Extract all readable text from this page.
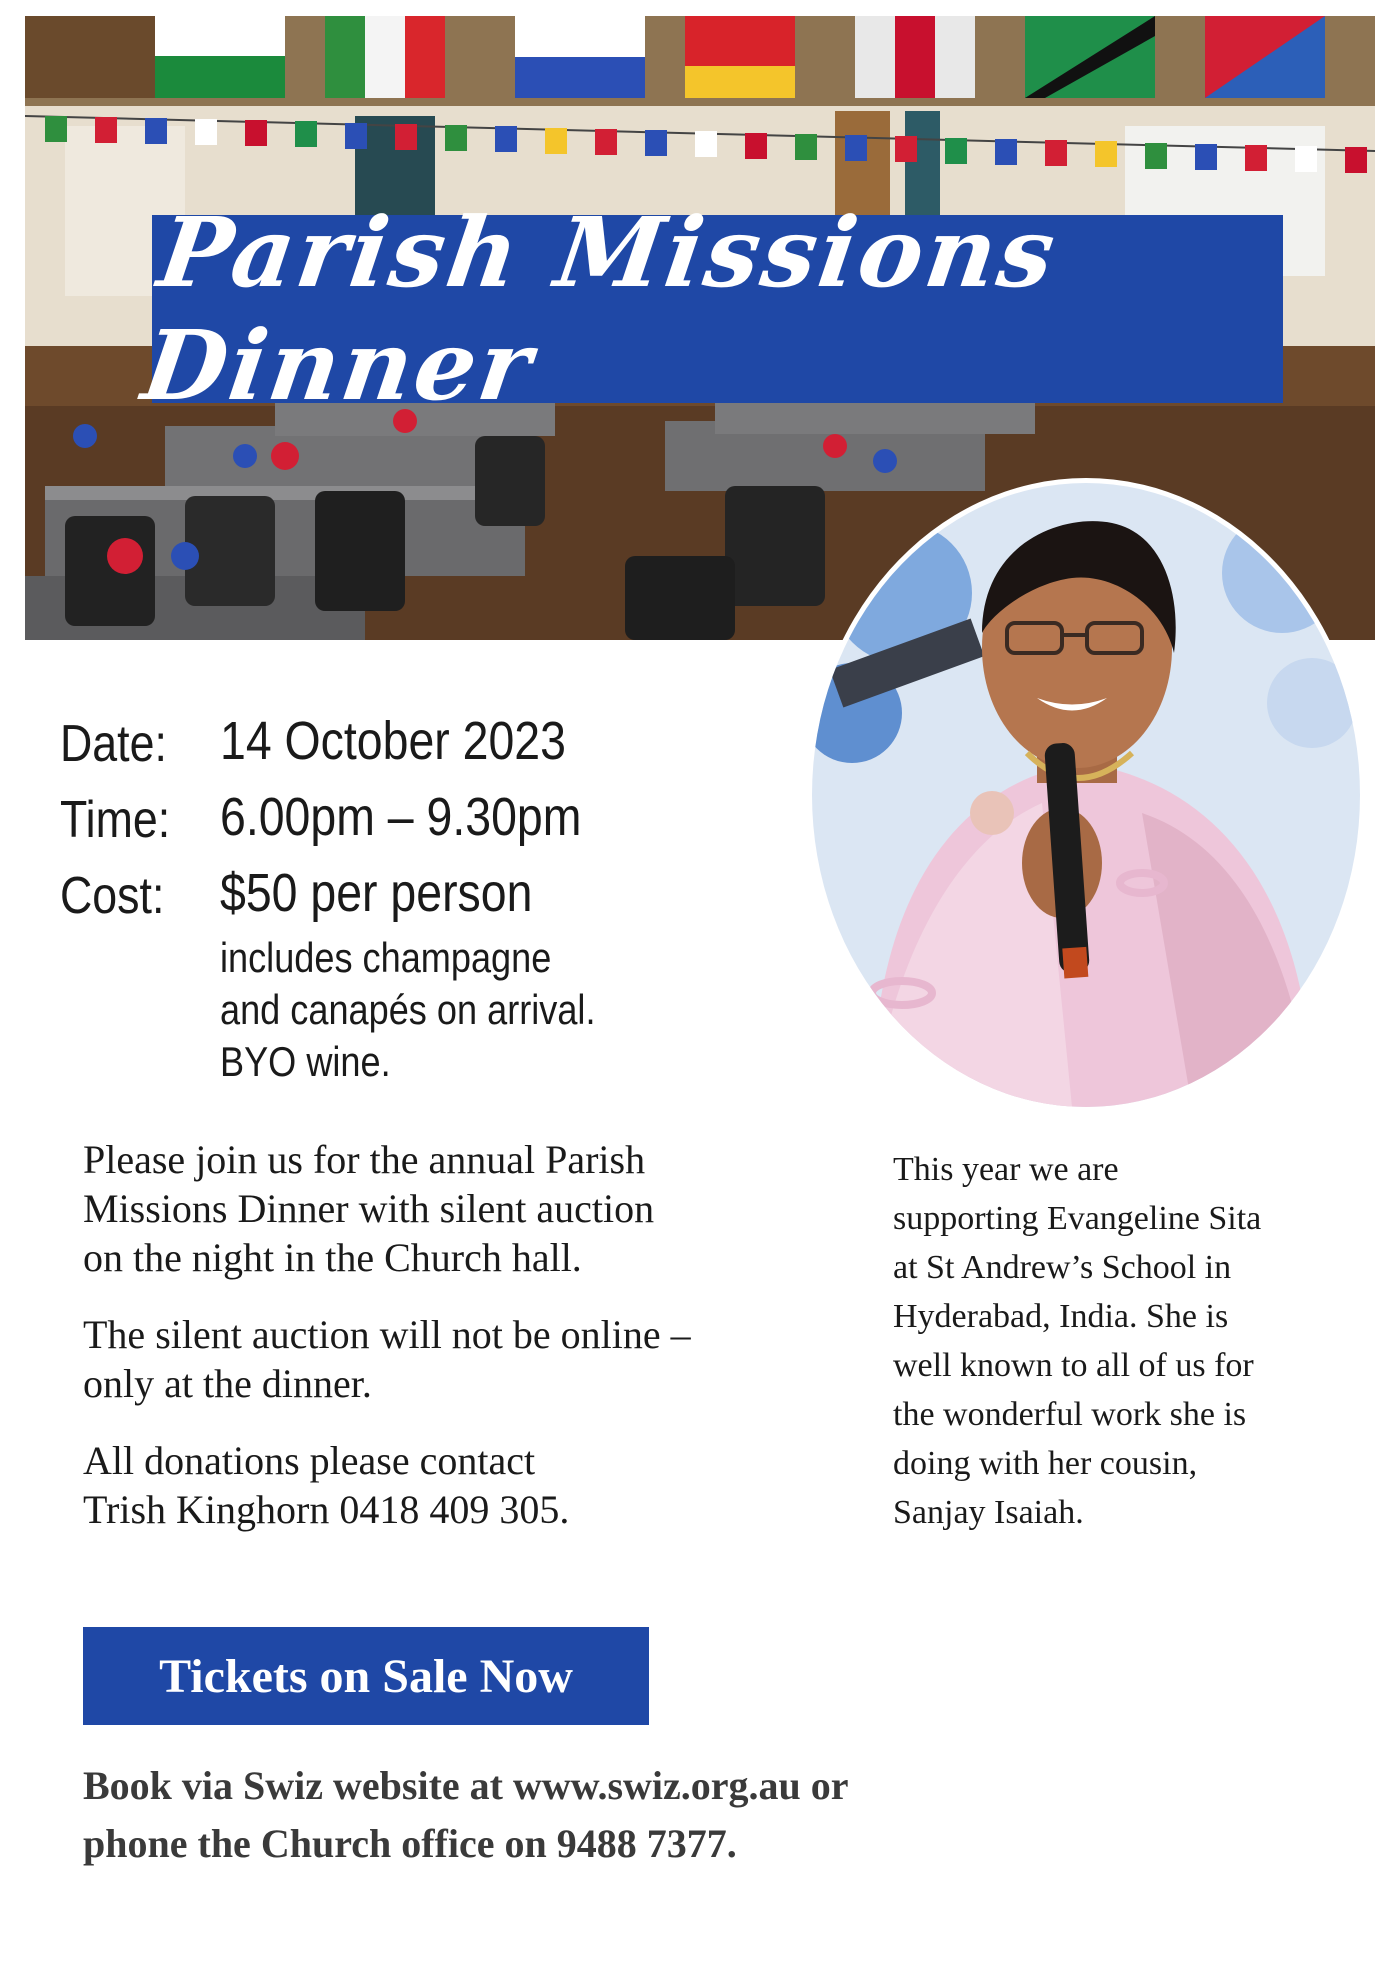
Parish Missions Dinner
Date: 14 October 2023
Time: 6.00pm – 9.30pm
Cost: $50 per person
includes champagne
and canapés on arrival.
BYO wine.

Please join us for the annual Parish
Missions Dinner with silent auction
on the night in the Church hall.

The silent auction will not be online –
only at the dinner.

All donations please contact
Trish Kinghorn 0418 409 305.

This year we are
supporting Evangeline Sita
at St Andrew’s School in
Hyderabad, India. She is
well known to all of us for
the wonderful work she is
doing with her cousin,
Sanjay Isaiah.
Tickets on Sale Now
Book via Swiz website at www.swiz.org.au or
phone the Church office on 9488 7377.
